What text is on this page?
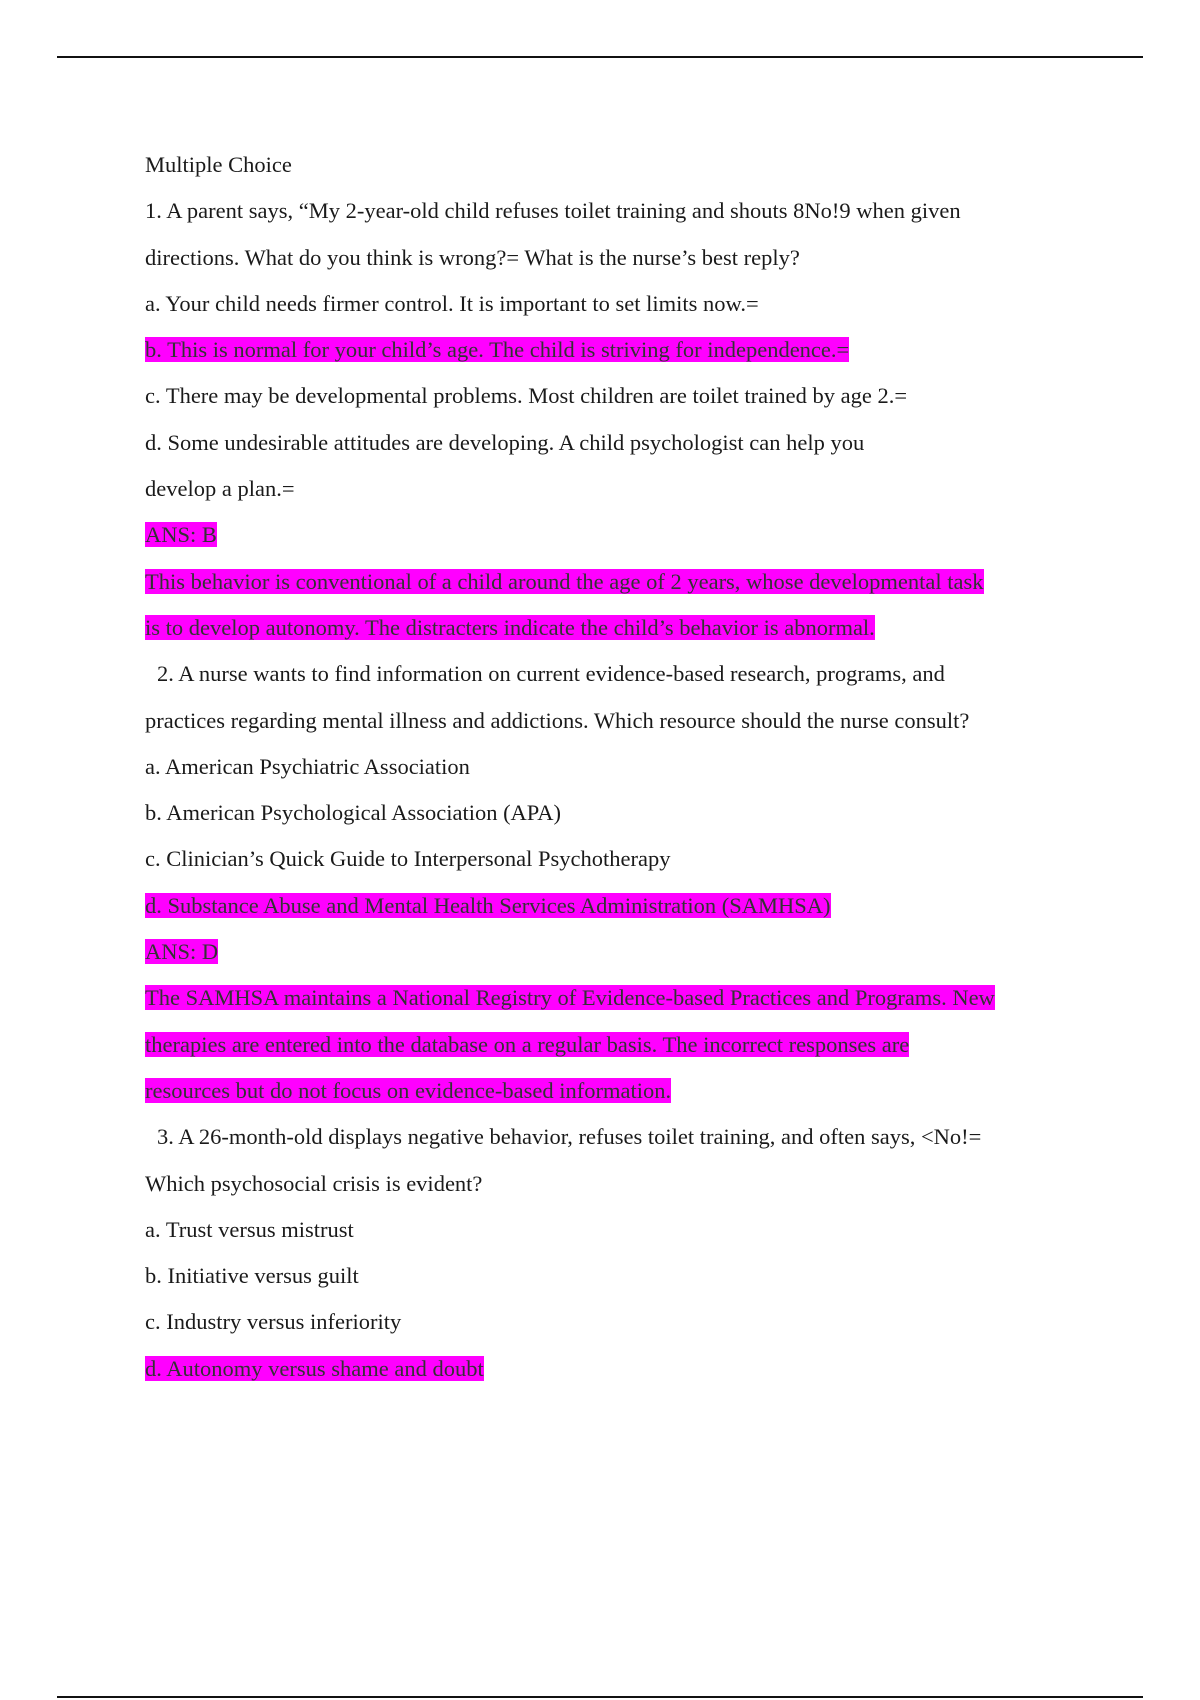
Multiple Choice
1. A parent says, “My 2-year-old child refuses toilet training and shouts 8No!9 when given
directions. What do you think is wrong?= What is the nurse’s best reply?
a. Your child needs firmer control. It is important to set limits now.=
b. This is normal for your child’s age. The child is striving for independence.=
c. There may be developmental problems. Most children are toilet trained by age 2.=
d. Some undesirable attitudes are developing. A child psychologist can help you
develop a plan.=
ANS: B
This behavior is conventional of a child around the age of 2 years, whose developmental task
is to develop autonomy. The distracters indicate the child’s behavior is abnormal.
2. A nurse wants to find information on current evidence-based research, programs, and
practices regarding mental illness and addictions. Which resource should the nurse consult?
a. American Psychiatric Association
b. American Psychological Association (APA)
c. Clinician’s Quick Guide to Interpersonal Psychotherapy
d. Substance Abuse and Mental Health Services Administration (SAMHSA)
ANS: D
The SAMHSA maintains a National Registry of Evidence-based Practices and Programs. New
therapies are entered into the database on a regular basis. The incorrect responses are
resources but do not focus on evidence-based information.
3. A 26-month-old displays negative behavior, refuses toilet training, and often says, <No!=
Which psychosocial crisis is evident?
a. Trust versus mistrust
b. Initiative versus guilt
c. Industry versus inferiority
d. Autonomy versus shame and doubt
